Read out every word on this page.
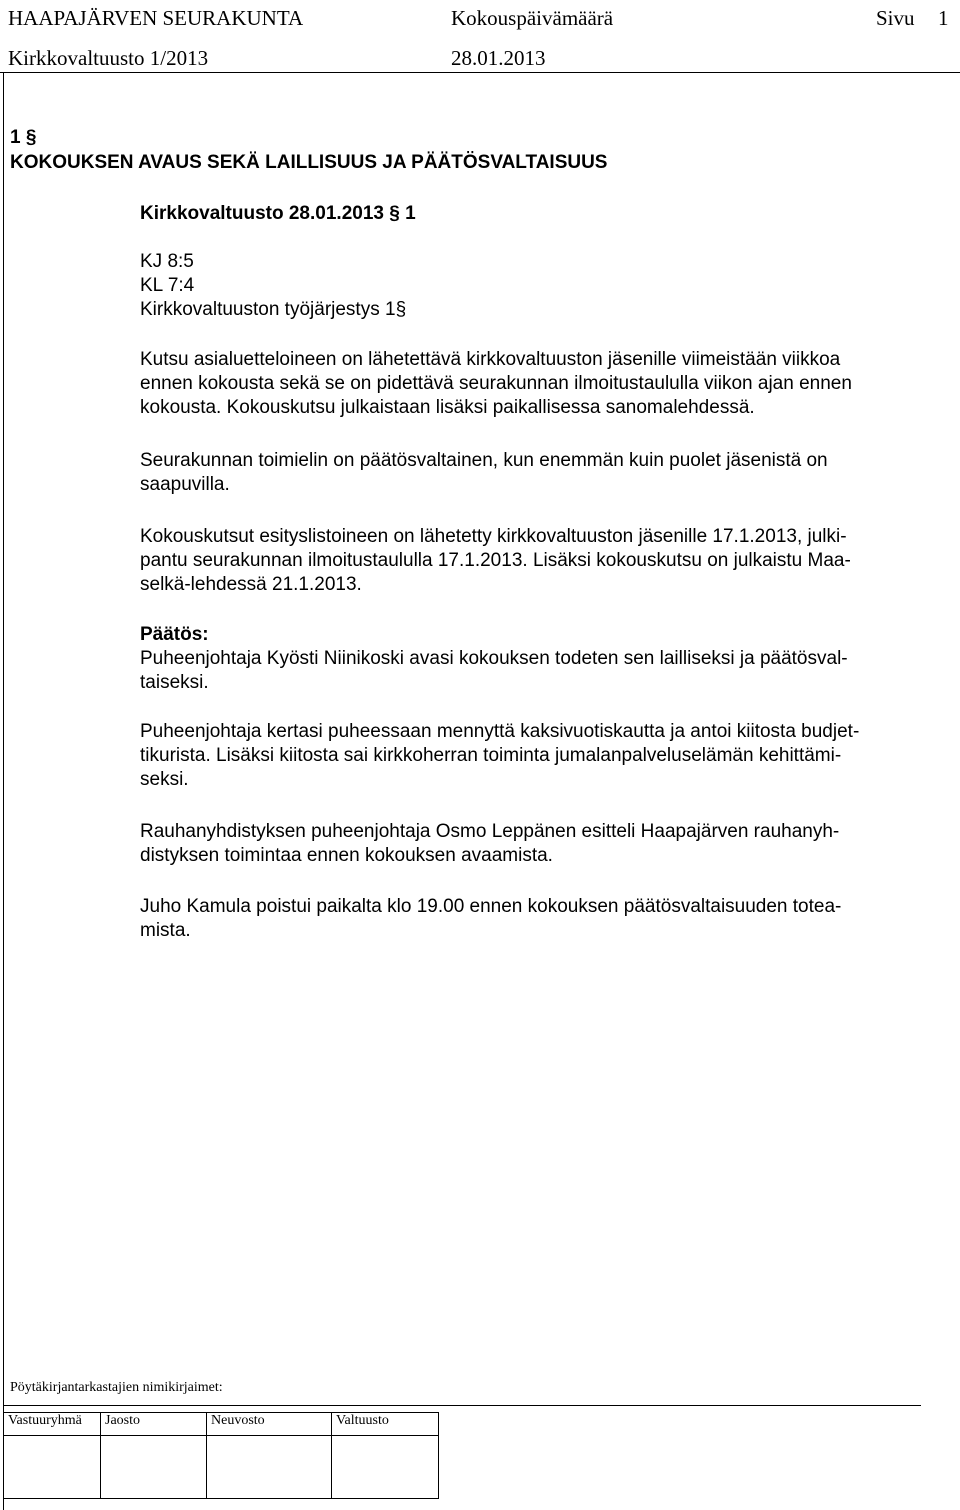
HAAPAJÄRVEN SEURAKUNTA	Kokouspäivämäärä	Sivu 1
Kirkkovaltuusto 1/2013	28.01.2013
1 §
KOKOUKSEN AVAUS SEKÄ LAILLISUUS JA PÄÄTÖSVALTAISUUS
Kirkkovaltuusto 28.01.2013 § 1
KJ 8:5
KL 7:4
Kirkkovaltuuston työjärjestys 1§
Kutsu asialuetteloineen on lähetettävä kirkkovaltuuston jäsenille viimeistään viikkoa
ennen kokousta sekä se on pidettävä seurakunnan ilmoitustaululla viikon ajan ennen
kokousta. Kokouskutsu julkaistaan lisäksi paikallisessa sanomalehdessä.
Seurakunnan toimielin on päätösvaltainen, kun enemmän kuin puolet jäsenistä on
saapuvilla.
Kokouskutsut esityslistoineen on lähetetty kirkkovaltuuston jäsenille 17.1.2013, julki-
pantu seurakunnan ilmoitustaululla 17.1.2013. Lisäksi kokouskutsu on julkaistu Maa-
selkä-lehdessä 21.1.2013.
Päätös:
Puheenjohtaja Kyösti Niinikoski avasi kokouksen todeten sen lailliseksi ja päätösval-
taiseksi.
Puheenjohtaja kertasi puheessaan mennyttä kaksivuotiskautta ja antoi kiitosta budjet-
tikurista. Lisäksi kiitosta sai kirkkoherran toiminta jumalanpalveluselämän kehittämi-
seksi.
Rauhanyhdistyksen puheenjohtaja Osmo Leppänen esitteli Haapajärven rauhanyh-
distyksen toimintaa ennen kokouksen avaamista.
Juho Kamula poistui paikalta klo 19.00 ennen kokouksen päätösvaltaisuuden totea-
mista.
Pöytäkirjantarkastajien nimikirjaimet:
Vastuuryhmä	Jaosto	Neuvosto	Valtuusto
